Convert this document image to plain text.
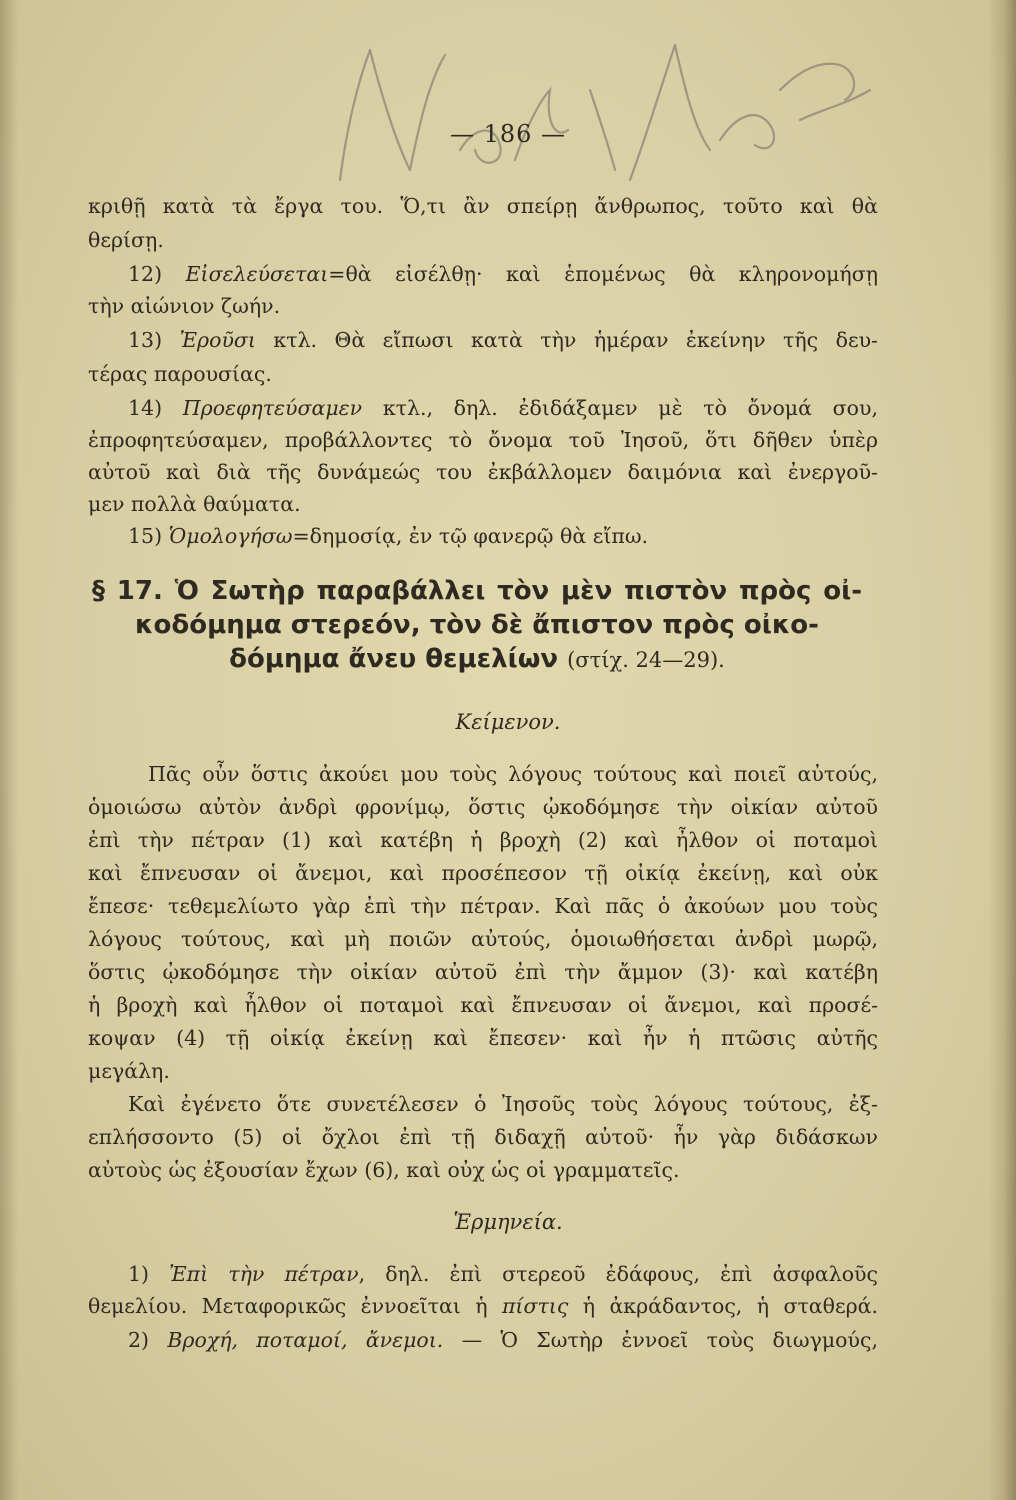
— 186 —
κριθῇ κατὰ τὰ ἔργα του. Ὅ,τι ἂν σπείρῃ ἄνθρωπος, τοῦτο καὶ θὰ
θερίσῃ.
12) Εἰσελεύσεται=θὰ εἰσέλθῃ· καὶ ἑπομένως θὰ κληρονομήσῃ
τὴν αἰώνιον ζωήν.
13) Ἐροῦσι κτλ. Θὰ εἴπωσι κατὰ τὴν ἡμέραν ἐκείνην τῆς δευ-
τέρας παρουσίας.
14) Προεφητεύσαμεν κτλ., δηλ. ἐδιδάξαμεν μὲ τὸ ὄνομά σου,
ἐπροφητεύσαμεν, προβάλλοντες τὸ ὄνομα τοῦ Ἰησοῦ, ὅτι δῆθεν ὑπὲρ
αὐτοῦ καὶ διὰ τῆς δυνάμεώς του ἐκβάλλομεν δαιμόνια καὶ ἐνεργοῦ-
μεν πολλὰ θαύματα.
15) Ὁμολογήσω=δημοσίᾳ, ἐν τῷ φανερῷ θὰ εἴπω.
§ 17. Ὁ Σωτὴρ παραβάλλει τὸν μὲν πιστὸν πρὸς οἰ-
κοδόμημα στερεόν, τὸν δὲ ἄπιστον πρὸς οἰκο-
δόμημα ἄνευ θεμελίων (στίχ. 24—29).
Κείμενον.
Πᾶς οὖν ὅστις ἀκούει μου τοὺς λόγους τούτους καὶ ποιεῖ αὐτούς,
ὁμοιώσω αὐτὸν ἀνδρὶ φρονίμῳ, ὅστις ᾠκοδόμησε τὴν οἰκίαν αὐτοῦ
ἐπὶ τὴν πέτραν (1) καὶ κατέβη ἡ βροχὴ (2) καὶ ἦλθον οἱ ποταμοὶ
καὶ ἔπνευσαν οἱ ἄνεμοι, καὶ προσέπεσον τῇ οἰκίᾳ ἐκείνῃ, καὶ οὐκ
ἔπεσε· τεθεμελίωτο γὰρ ἐπὶ τὴν πέτραν. Καὶ πᾶς ὁ ἀκούων μου τοὺς
λόγους τούτους, καὶ μὴ ποιῶν αὐτούς, ὁμοιωθήσεται ἀνδρὶ μωρῷ,
ὅστις ᾠκοδόμησε τὴν οἰκίαν αὐτοῦ ἐπὶ τὴν ἄμμον (3)· καὶ κατέβη
ἡ βροχὴ καὶ ἦλθον οἱ ποταμοὶ καὶ ἔπνευσαν οἱ ἄνεμοι, καὶ προσέ-
κοψαν (4) τῇ οἰκίᾳ ἐκείνῃ καὶ ἔπεσεν· καὶ ἦν ἡ πτῶσις αὐτῆς
μεγάλη.
Καὶ ἐγένετο ὅτε συνετέλεσεν ὁ Ἰησοῦς τοὺς λόγους τούτους, ἐξ-
επλήσσοντο (5) οἱ ὄχλοι ἐπὶ τῇ διδαχῇ αὐτοῦ· ἦν γὰρ διδάσκων
αὐτοὺς ὡς ἐξουσίαν ἔχων (6), καὶ οὐχ ὡς οἱ γραμματεῖς.
Ἑρμηνεία.
1) Ἐπὶ τὴν πέτραν, δηλ. ἐπὶ στερεοῦ ἐδάφους, ἐπὶ ἀσφαλοῦς
θεμελίου. Μεταφορικῶς ἐννοεῖται ἡ πίστις ἡ ἀκράδαντος, ἡ σταθερά.
2) Βροχή, ποταμοί, ἄνεμοι. — Ὁ Σωτὴρ ἐννοεῖ τοὺς διωγμούς,
